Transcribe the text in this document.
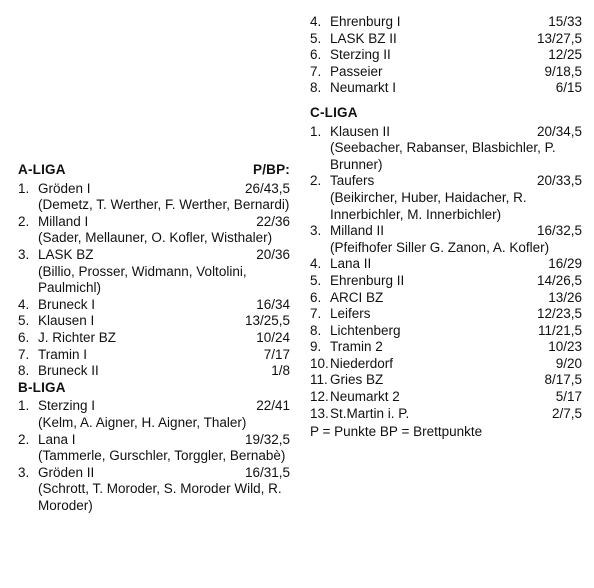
A-LIGA	P/BP:
1. Gröden I	26/43,5
(Demetz, T. Werther, F. Werther, Bernardi)
2. Milland I	22/36
(Sader, Mellauner, O. Kofler, Wisthaler)
3. LASK BZ	20/36
(Billio, Prosser, Widmann, Voltolini, Paulmichl)
4. Bruneck I	16/34
5. Klausen I	13/25,5
6. J. Richter BZ	10/24
7. Tramin I	7/17
8. Bruneck II	1/8
B-LIGA
1. Sterzing I	22/41
(Kelm, A. Aigner, H. Aigner, Thaler)
2. Lana I	19/32,5
(Tammerle, Gurschler, Torggler, Bernabè)
3. Gröden II	16/31,5
(Schrott, T. Moroder, S. Moroder Wild, R. Moroder)
4. Ehrenburg I	15/33
5. LASK BZ II	13/27,5
6. Sterzing II	12/25
7. Passeier	9/18,5
8. Neumarkt I	6/15
C-LIGA
1. Klausen II	20/34,5
(Seebacher, Rabanser, Blasbichler, P. Brunner)
2. Taufers	20/33,5
(Beikircher, Huber, Haidacher, R. Innerbichler, M. Innerbichler)
3. Milland II	16/32,5
(Pfeifhofer Siller G. Zanon, A. Kofler)
4. Lana II	16/29
5. Ehrenburg II	14/26,5
6. ARCI BZ	13/26
7. Leifers	12/23,5
8. Lichtenberg	11/21,5
9. Tramin 2	10/23
10. Niederdorf	9/20
11. Gries BZ	8/17,5
12. Neumarkt 2	5/17
13. St.Martin i. P.	2/7,5
P = Punkte BP = Brettpunkte
